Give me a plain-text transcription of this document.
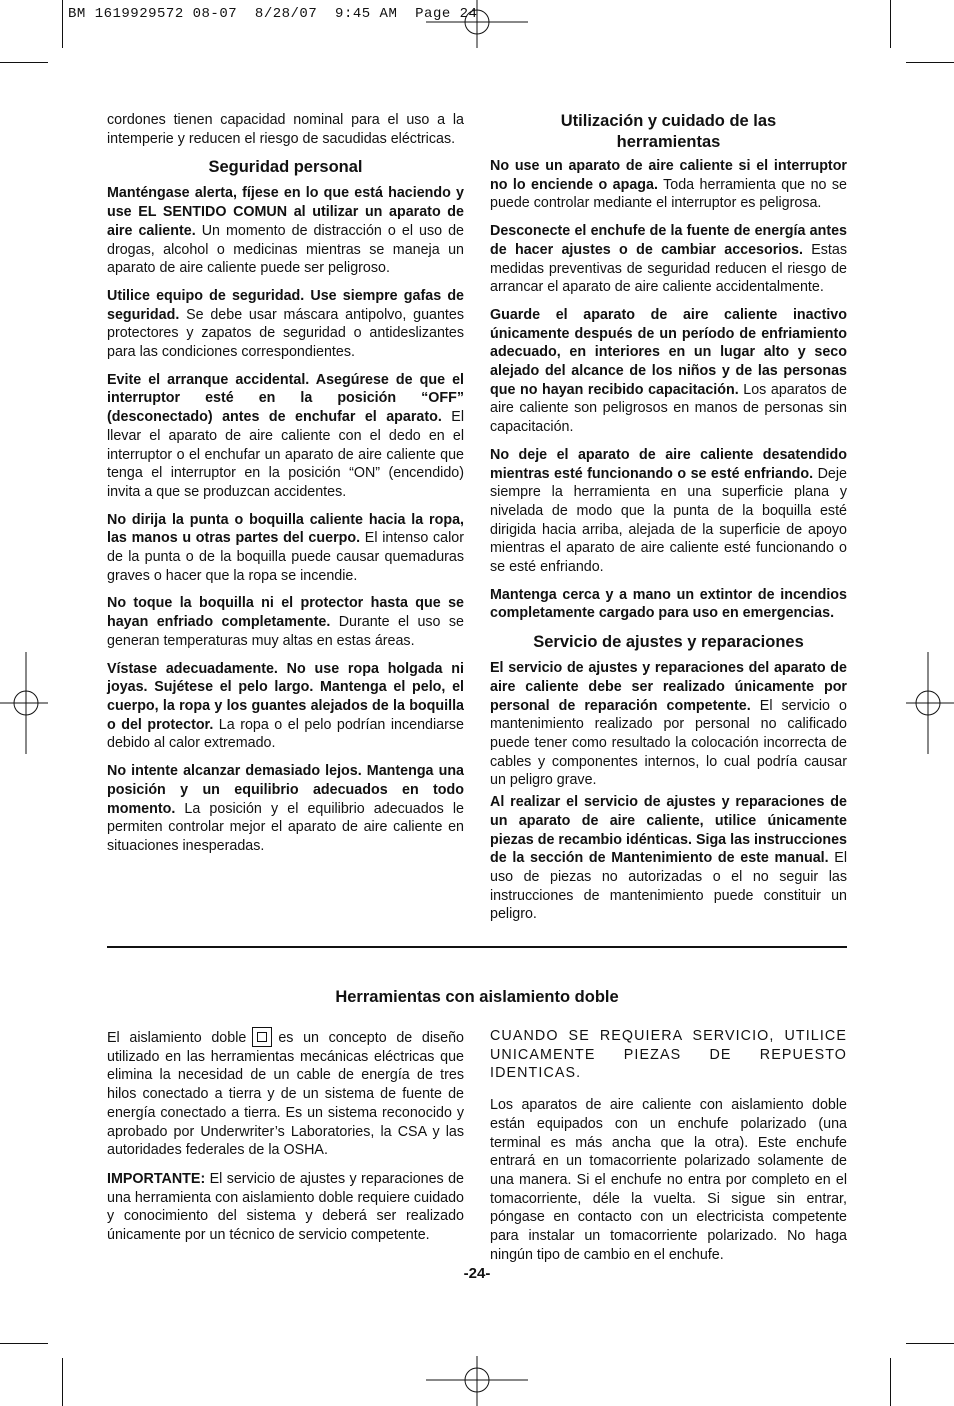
BM 1619929572 08-07  8/28/07  9:45 AM  Page 24

cordones tienen capacidad nominal para el uso a la intemperie y reducen el riesgo de sacudidas eléctricas.

Seguridad personal

Manténgase alerta, fíjese en lo que está haciendo y use EL SENTIDO COMUN al utilizar un aparato de aire caliente. Un momento de distracción o el uso de drogas, alcohol o medicinas mientras se maneja un aparato de aire caliente puede ser peligroso.

Utilice equipo de seguridad. Use siempre gafas de seguridad. Se debe usar máscara antipolvo, guantes protectores y zapatos de seguridad o antideslizantes para las condiciones correspondientes.

Evite el arranque accidental. Asegúrese de que el interruptor esté en la posición “OFF” (desconectado) antes de enchufar el aparato. El llevar el aparato de aire caliente con el dedo en el interruptor o el enchufar un aparato de aire caliente que tenga el interruptor en la posición “ON” (encendido) invita a que se produzcan accidentes.

No dirija la punta o boquilla caliente hacia la ropa, las manos u otras partes del cuerpo. El intenso calor de la punta o de la boquilla puede causar quemaduras graves o hacer que la ropa se incendie.

No toque la boquilla ni el protector hasta que se hayan enfriado completamente. Durante el uso se generan temperaturas muy altas en estas áreas.

Vístase adecuadamente. No use ropa holgada ni joyas. Sujétese el pelo largo. Mantenga el pelo, el cuerpo, la ropa y los guantes alejados de la boquilla o del protector. La ropa o el pelo podrían incendiarse debido al calor extremado.

No intente alcanzar demasiado lejos. Mantenga una posición y un equilibrio adecuados en todo momento. La posición y el equilibrio adecuados le permiten controlar mejor el aparato de aire caliente en situaciones inesperadas.

Utilización y cuidado de las herramientas

No use un aparato de aire caliente si el interruptor no lo enciende o apaga. Toda herramienta que no se puede controlar mediante el interruptor es peligrosa.

Desconecte el enchufe de la fuente de energía antes de hacer ajustes o de cambiar accesorios. Estas medidas preventivas de seguridad reducen el riesgo de arrancar el aparato de aire caliente accidentalmente.

Guarde el aparato de aire caliente inactivo únicamente después de un período de enfriamiento adecuado, en interiores en un lugar alto y seco alejado del alcance de los niños y de las personas que no hayan recibido capacitación. Los aparatos de aire caliente son peligrosos en manos de personas sin capacitación.

No deje el aparato de aire caliente desatendido mientras esté funcionando o se esté enfriando. Deje siempre la herramienta en una superficie plana y nivelada de modo que la punta de la boquilla esté dirigida hacia arriba, alejada de la superficie de apoyo mientras el aparato de aire caliente esté funcionando o se esté enfriando.

Mantenga cerca y a mano un extintor de incendios completamente cargado para uso en emergencias.

Servicio de ajustes y reparaciones

El servicio de ajustes y reparaciones del aparato de aire caliente debe ser realizado únicamente por personal de reparación competente. El servicio o mantenimiento realizado por personal no calificado puede tener como resultado la colocación incorrecta de cables y componentes internos, lo cual podría causar un peligro grave.

Al realizar el servicio de ajustes y reparaciones de un aparato de aire caliente, utilice únicamente piezas de recambio idénticas. Siga las instrucciones de la sección de Mantenimiento de este manual. El uso de piezas no autorizadas o el no seguir las instrucciones de mantenimiento puede constituir un peligro.

Herramientas con aislamiento doble

El aislamiento doble es un concepto de diseño utilizado en las herramientas mecánicas eléctricas que elimina la necesidad de un cable de energía de tres hilos conectado a tierra y de un sistema de fuente de energía conectado a tierra. Es un sistema reconocido y aprobado por Underwriter’s Laboratories, la CSA y las autoridades federales de la OSHA.

IMPORTANTE: El servicio de ajustes y reparaciones de una herramienta con aislamiento doble requiere cuidado y conocimiento del sistema y deberá ser realizado únicamente por un técnico de servicio competente.

CUANDO SE REQUIERA SERVICIO, UTILICE UNICAMENTE PIEZAS DE REPUESTO IDENTICAS.

Los aparatos de aire caliente con aislamiento doble están equipados con un enchufe polarizado (una terminal es más ancha que la otra). Este enchufe entrará en un tomacorriente polarizado solamente de una manera. Si el enchufe no entra por completo en el tomacorriente, déle la vuelta. Si sigue sin entrar, póngase en contacto con un electricista competente para instalar un tomacorriente polarizado. No haga ningún tipo de cambio en el enchufe.

-24-
